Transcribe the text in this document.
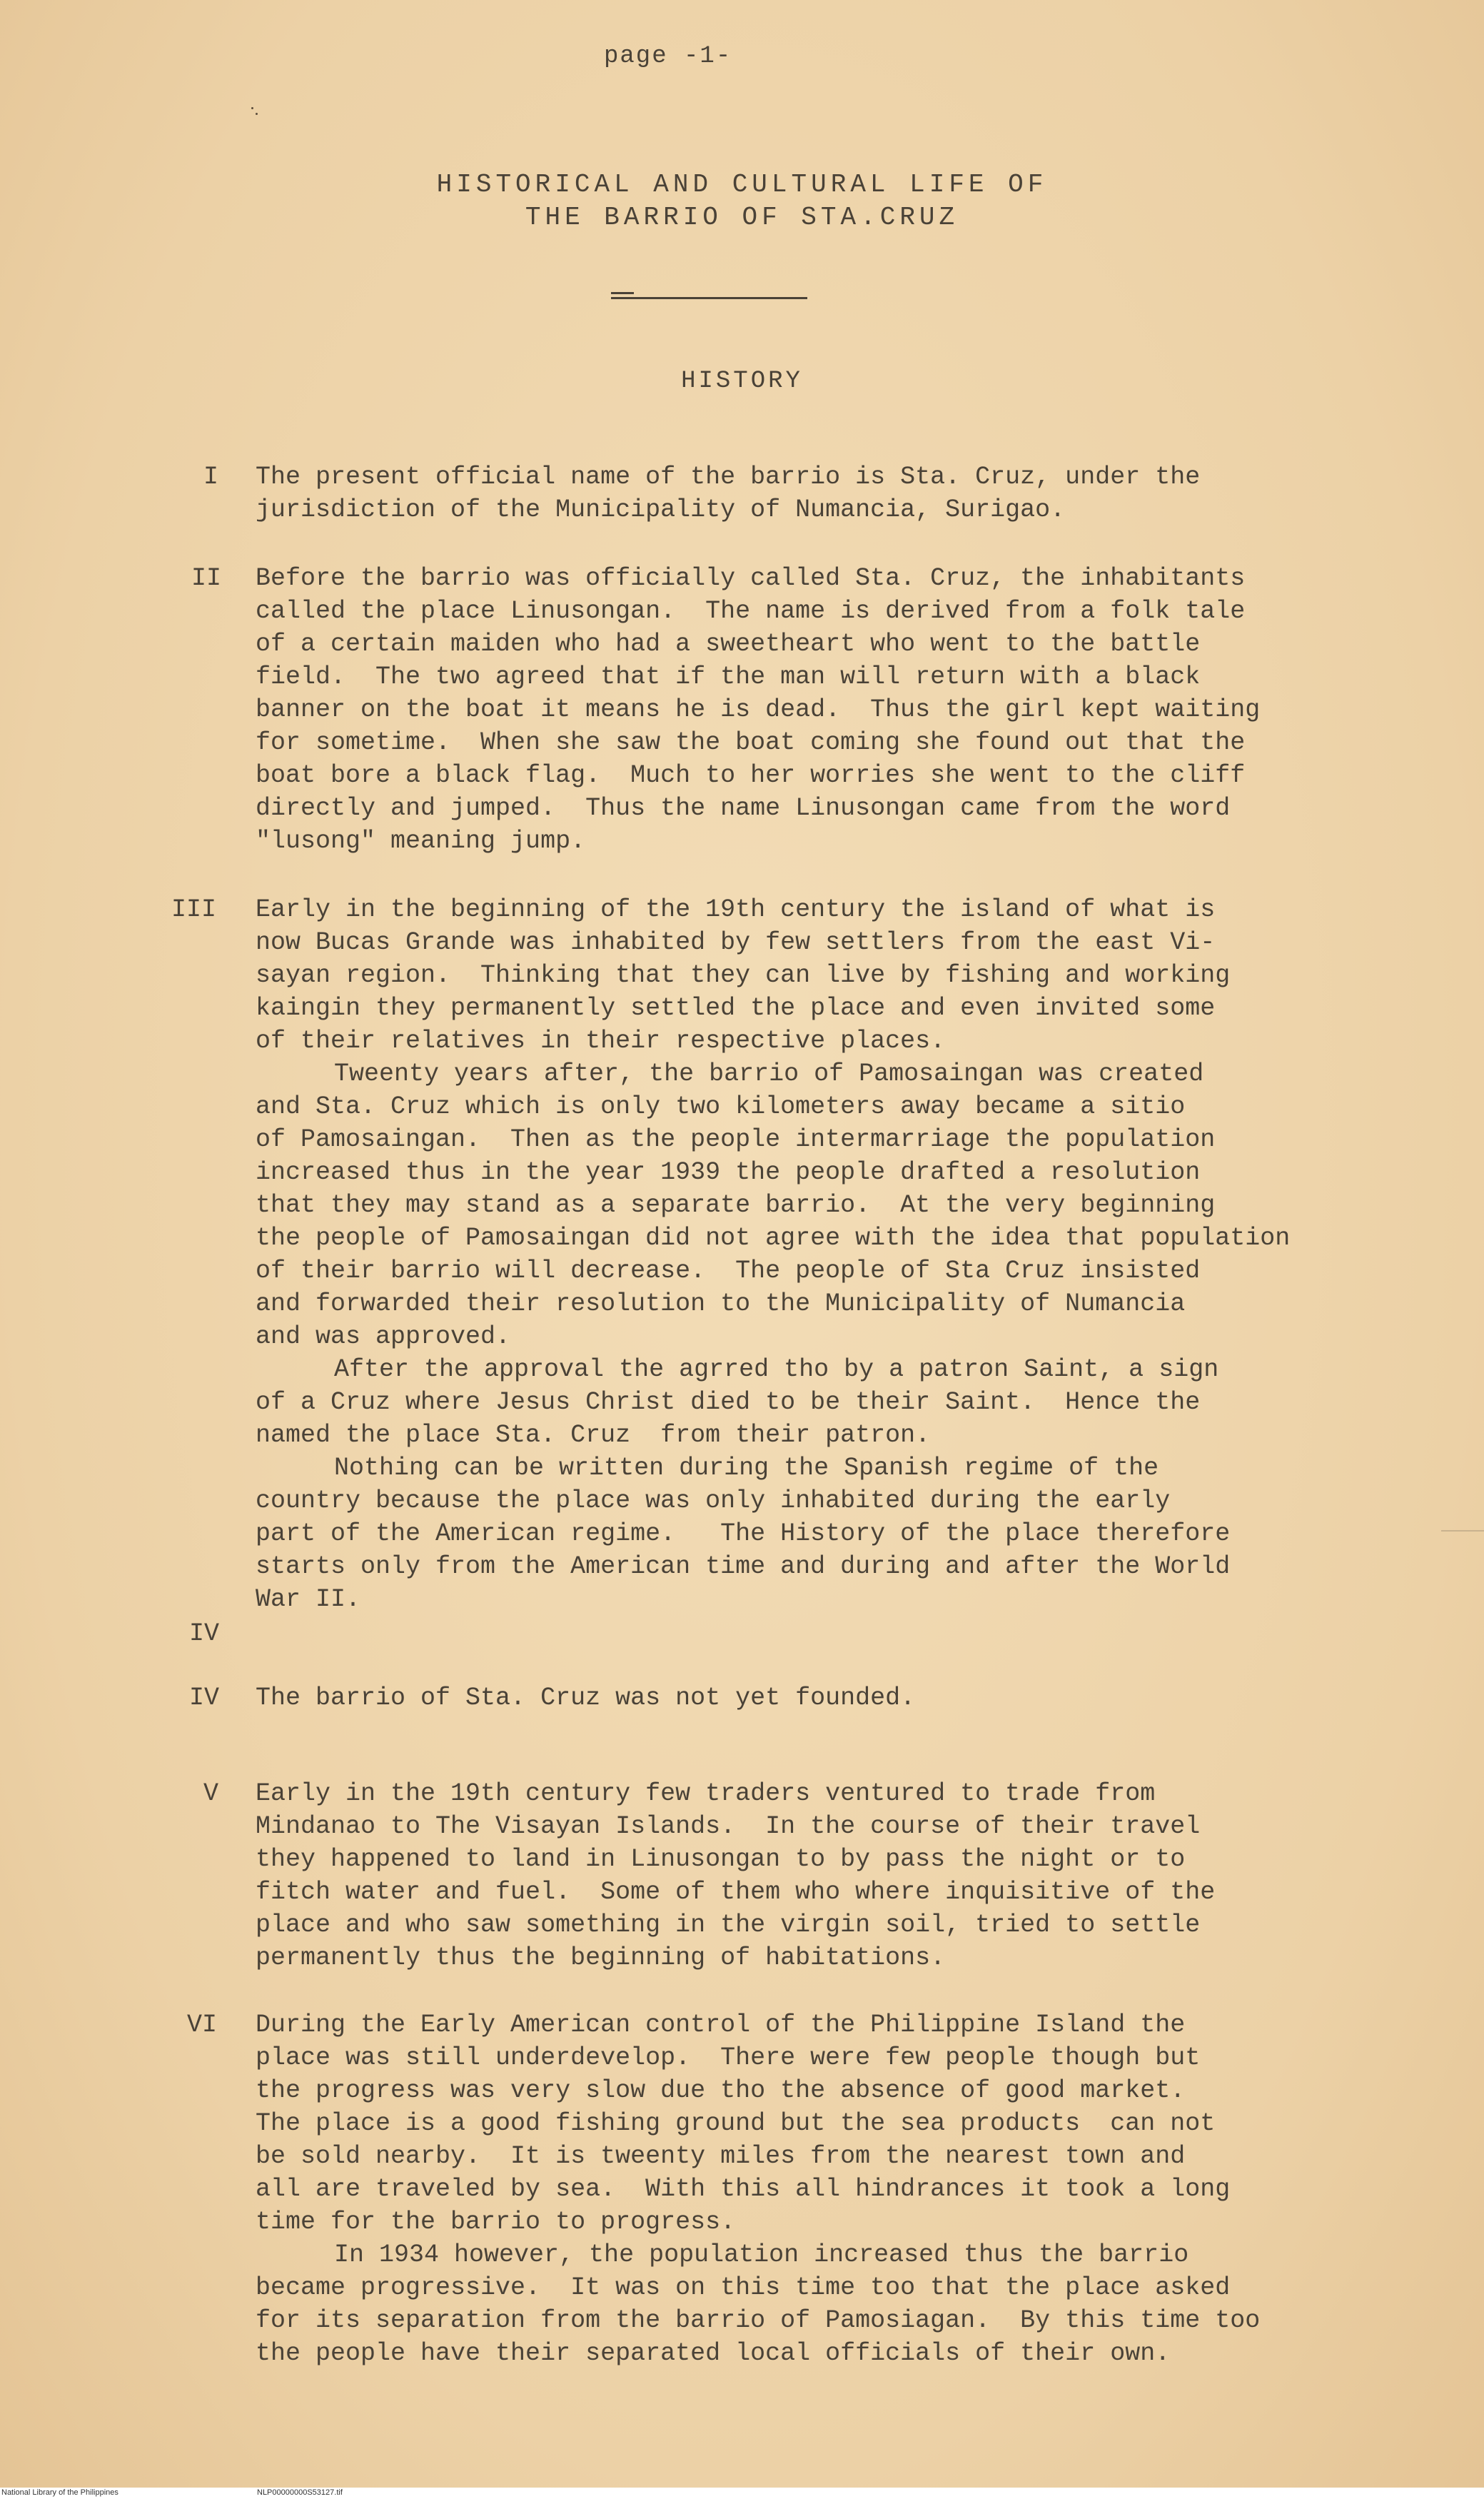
page -1-
HISTORICAL AND CULTURAL LIFE OF
THE BARRIO OF STA.CRUZ
HISTORY
I The present official name of the barrio is Sta. Cruz, under the
jurisdiction of the Municipality of Numancia, Surigao.
II Before the barrio was officially called Sta. Cruz, the inhabitants
called the place Linusongan.  The name is derived from a folk tale
of a certain maiden who had a sweetheart who went to the battle
field.  The two agreed that if the man will return with a black
banner on the boat it means he is dead.  Thus the girl kept waiting
for sometime.  When she saw the boat coming she found out that the
boat bore a black flag.  Much to her worries she went to the cliff
directly and jumped.  Thus the name Linusongan came from the word
"lusong" meaning jump.
III Early in the beginning of the 19th century the island of what is
now Bucas Grande was inhabited by few settlers from the east Vi-
sayan region.  Thinking that they can live by fishing and working
kaingin they permanently settled the place and even invited some
of their relatives in their respective places.
Tweenty years after, the barrio of Pamosaingan was created
and Sta. Cruz which is only two kilometers away became a sitio
of Pamosaingan.  Then as the people intermarriage the population
increased thus in the year 1939 the people drafted a resolution
that they may stand as a separate barrio.  At the very beginning
the people of Pamosaingan did not agree with the idea that population
of their barrio will decrease.  The people of Sta Cruz insisted
and forwarded their resolution to the Municipality of Numancia
and was approved.
After the approval the agrred tho by a patron Saint, a sign
of a Cruz where Jesus Christ died to be their Saint.  Hence the
named the place Sta. Cruz  from their patron.
Nothing can be written during the Spanish regime of the
country because the place was only inhabited during the early
part of the American regime.   The History of the place therefore
starts only from the American time and during and after the World
War II.
IV
IV The barrio of Sta. Cruz was not yet founded.
V Early in the 19th century few traders ventured to trade from
Mindanao to The Visayan Islands.  In the course of their travel
they happened to land in Linusongan to by pass the night or to
fitch water and fuel.  Some of them who where inquisitive of the
place and who saw something in the virgin soil, tried to settle
permanently thus the beginning of habitations.
VI During the Early American control of the Philippine Island the
place was still underdevelop.  There were few people though but
the progress was very slow due tho the absence of good market.
The place is a good fishing ground but the sea products  can not
be sold nearby.  It is tweenty miles from the nearest town and
all are traveled by sea.  With this all hindrances it took a long
time for the barrio to progress.
In 1934 however, the population increased thus the barrio
became progressive.  It was on this time too that the place asked
for its separation from the barrio of Pamosiagan.  By this time too
the people have their separated local officials of their own.
National Library of the Philippines	NLP00000000S53127.tif
